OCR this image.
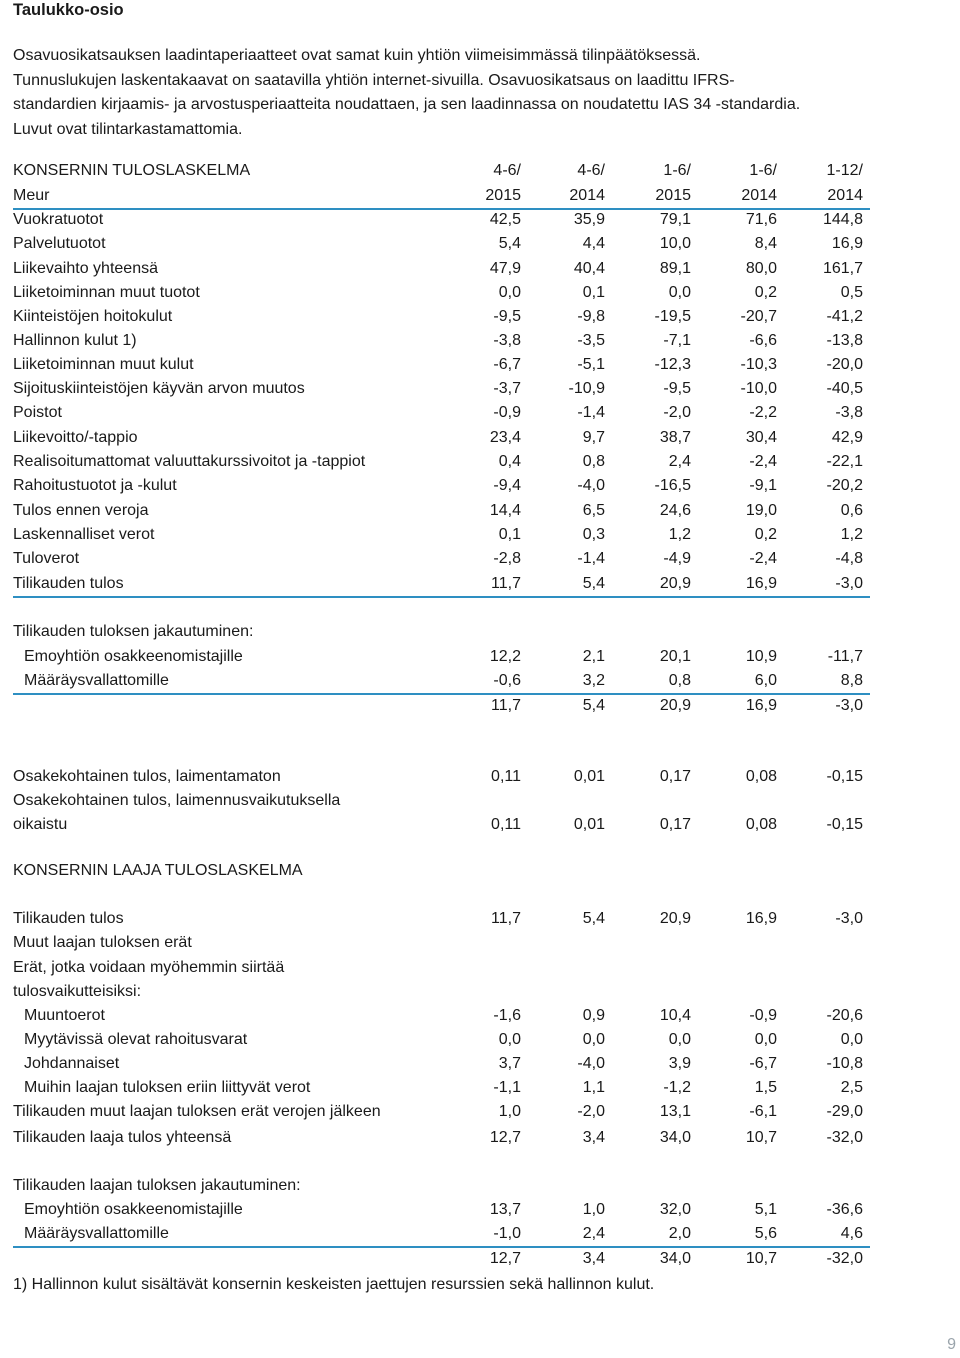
Taulukko-osio

Osavuosikatsauksen laadintaperiaatteet ovat samat kuin yhtiön viimeisimmässä tilinpäätöksessä.

Tunnuslukujen laskentakaavat on saatavilla yhtiön internet-sivuilla. Osavuosikatsaus on laadittu IFRS-

standardien kirjaamis- ja arvostusperiaatteita noudattaen, ja sen laadinnassa on noudatettu IAS 34 -standardia.

Luvut ovat tilintarkastamattomia.

KONSERNIN TULOSLASKELMA	4-6/	4-6/	1-6/	1-6/	1-12/
Meur	2015	2014	2015	2014	2014
Vuokratuotot	42,5	35,9	79,1	71,6	144,8
Palvelutuotot	5,4	4,4	10,0	8,4	16,9
Liikevaihto yhteensä	47,9	40,4	89,1	80,0	161,7
Liiketoiminnan muut tuotot	0,0	0,1	0,0	0,2	0,5
Kiinteistöjen hoitokulut	-9,5	-9,8	-19,5	-20,7	-41,2
Hallinnon kulut 1)	-3,8	-3,5	-7,1	-6,6	-13,8
Liiketoiminnan muut kulut	-6,7	-5,1	-12,3	-10,3	-20,0
Sijoituskiinteistöjen käyvän arvon muutos	-3,7	-10,9	-9,5	-10,0	-40,5
Poistot	-0,9	-1,4	-2,0	-2,2	-3,8
Liikevoitto/-tappio	23,4	9,7	38,7	30,4	42,9
Realisoitumattomat valuuttakurssivoitot ja -tappiot	0,4	0,8	2,4	-2,4	-22,1
Rahoitustuotot ja -kulut	-9,4	-4,0	-16,5	-9,1	-20,2
Tulos ennen veroja	14,4	6,5	24,6	19,0	0,6
Laskennalliset verot	0,1	0,3	1,2	0,2	1,2
Tuloverot	-2,8	-1,4	-4,9	-2,4	-4,8
Tilikauden tulos	11,7	5,4	20,9	16,9	-3,0
Tilikauden tuloksen jakautuminen:
Emoyhtiön osakkeenomistajille	12,2	2,1	20,1	10,9	-11,7
Määräysvallattomille	-0,6	3,2	0,8	6,0	8,8
11,7	5,4	20,9	16,9	-3,0
Osakekohtainen tulos, laimentamaton	0,11	0,01	0,17	0,08	-0,15
Osakekohtainen tulos, laimennusvaikutuksella
oikaistu	0,11	0,01	0,17	0,08	-0,15
KONSERNIN LAAJA TULOSLASKELMA
Tilikauden tulos	11,7	5,4	20,9	16,9	-3,0
Muut laajan tuloksen erät
Erät, jotka voidaan myöhemmin siirtää
tulosvaikutteisiksi:
Muuntoerot	-1,6	0,9	10,4	-0,9	-20,6
Myytävissä olevat rahoitusvarat	0,0	0,0	0,0	0,0	0,0
Johdannaiset	3,7	-4,0	3,9	-6,7	-10,8
Muihin laajan tuloksen eriin liittyvät verot	-1,1	1,1	-1,2	1,5	2,5
Tilikauden muut laajan tuloksen erät verojen jälkeen	1,0	-2,0	13,1	-6,1	-29,0
Tilikauden laaja tulos yhteensä	12,7	3,4	34,0	10,7	-32,0
Tilikauden laajan tuloksen jakautuminen:
Emoyhtiön osakkeenomistajille	13,7	1,0	32,0	5,1	-36,6
Määräysvallattomille	-1,0	2,4	2,0	5,6	4,6
12,7	3,4	34,0	10,7	-32,0
1) Hallinnon kulut sisältävät konsernin keskeisten jaettujen resurssien sekä hallinnon kulut.
9
